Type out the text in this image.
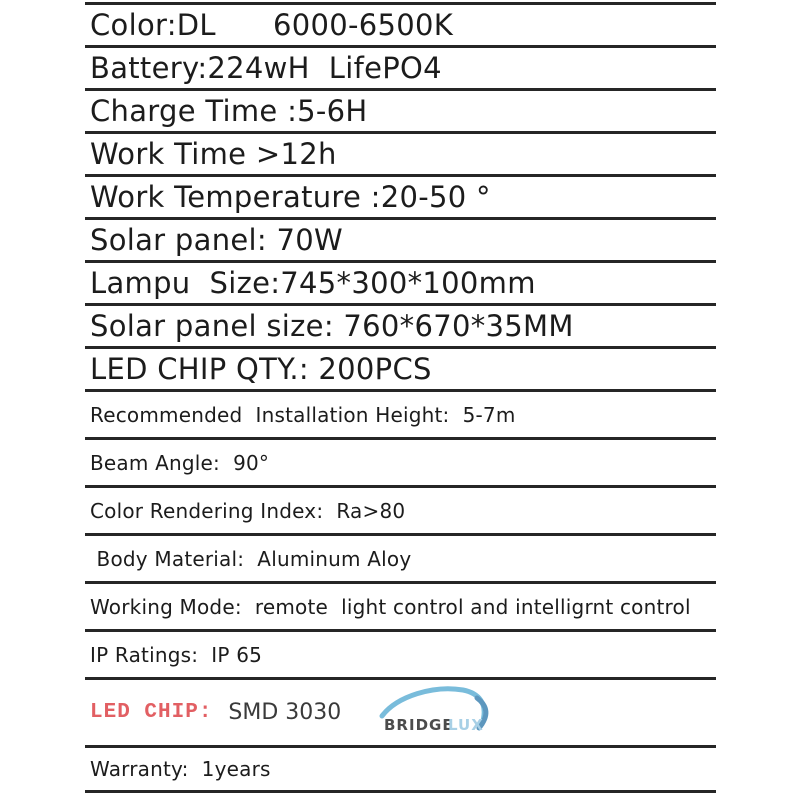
Color:DL      6000-6500K
Battery:224wH  LifePO4
Charge Time :5-6H
Work Time >12h
Work Temperature :20-50 °
Solar panel: 70W
Lampu  Size:745*300*100mm
Solar panel size: 760*670*35MM
LED CHIP QTY.: 200PCS
Recommended  Installation Height:  5-7m
Beam Angle:  90°
Color Rendering Index:  Ra>80
Body Material:  Aluminum Aloy
Working Mode:  remote  light control and intelligrnt control
IP Ratings:  IP 65
LED CHIP: SMD 3030	BRIDGE
LUX
Warranty:  1years
